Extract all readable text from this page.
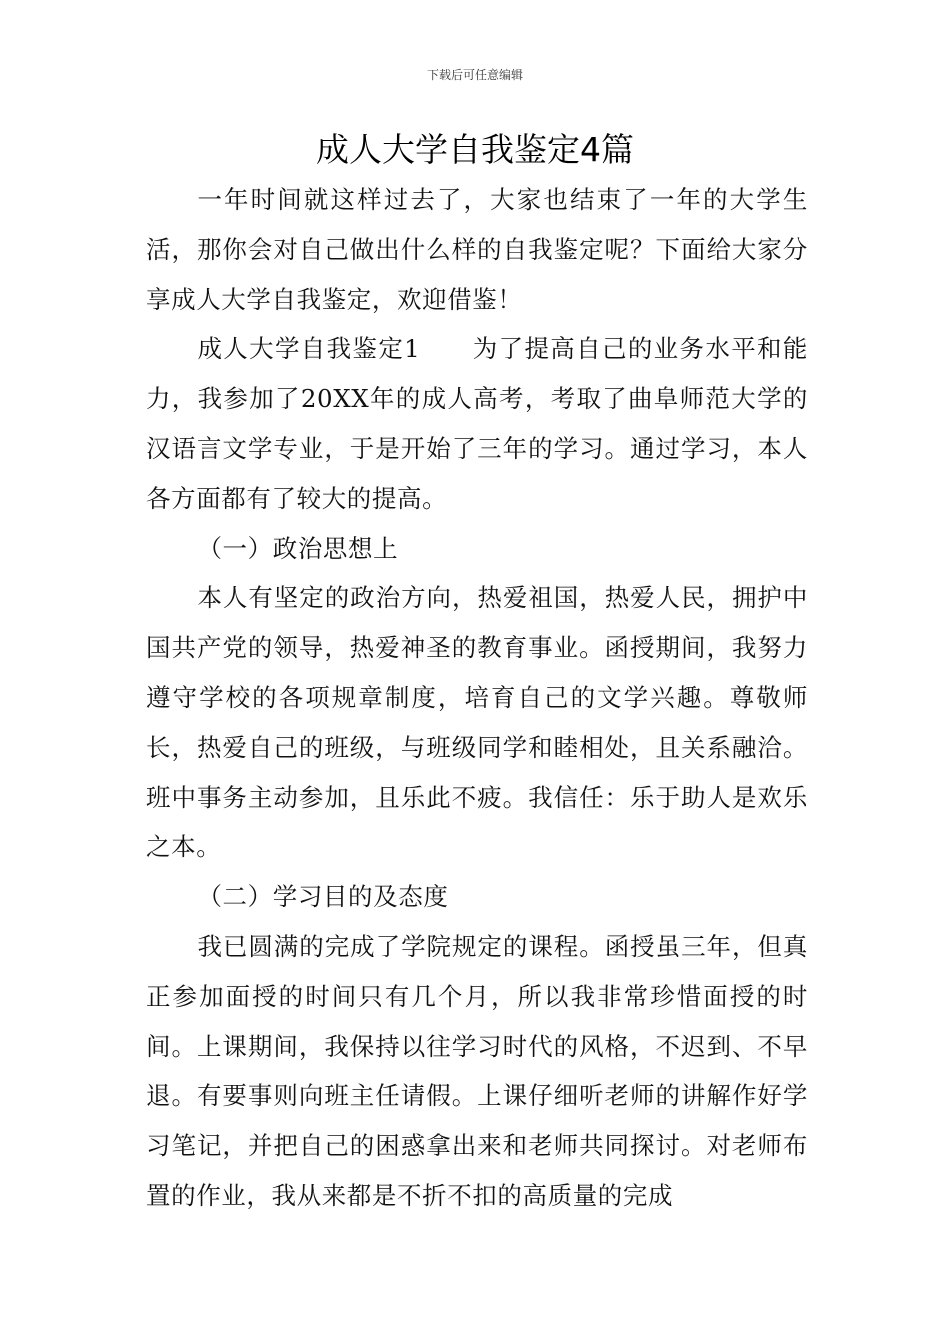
下载后可任意编辑
成人大学自我鉴定4篇

一年时间就这样过去了，大家也结束了一年的大学生活，那你会对自己做出什么样的自我鉴定呢？下面给大家分享成人大学自我鉴定，欢迎借鉴！

成人大学自我鉴定1　　为了提高自己的业务水平和能力，我参加了20XX年的成人高考，考取了曲阜师范大学的汉语言文学专业，于是开始了三年的学习。通过学习，本人各方面都有了较大的提高。

（一）政治思想上

本人有坚定的政治方向，热爱祖国，热爱人民，拥护中国共产党的领导，热爱神圣的教育事业。函授期间，我努力遵守学校的各项规章制度，培育自己的文学兴趣。尊敬师长，热爱自己的班级，与班级同学和睦相处，且关系融洽。班中事务主动参加，且乐此不疲。我信任：乐于助人是欢乐之本。

（二）学习目的及态度

我已圆满的完成了学院规定的课程。函授虽三年，但真正参加面授的时间只有几个月，所以我非常珍惜面授的时间。上课期间，我保持以往学习时代的风格，不迟到、不早退。有要事则向班主任请假。上课仔细听老师的讲解作好学习笔记，并把自己的困惑拿出来和老师共同探讨。对老师布置的作业，我从来都是不折不扣的高质量的完成
